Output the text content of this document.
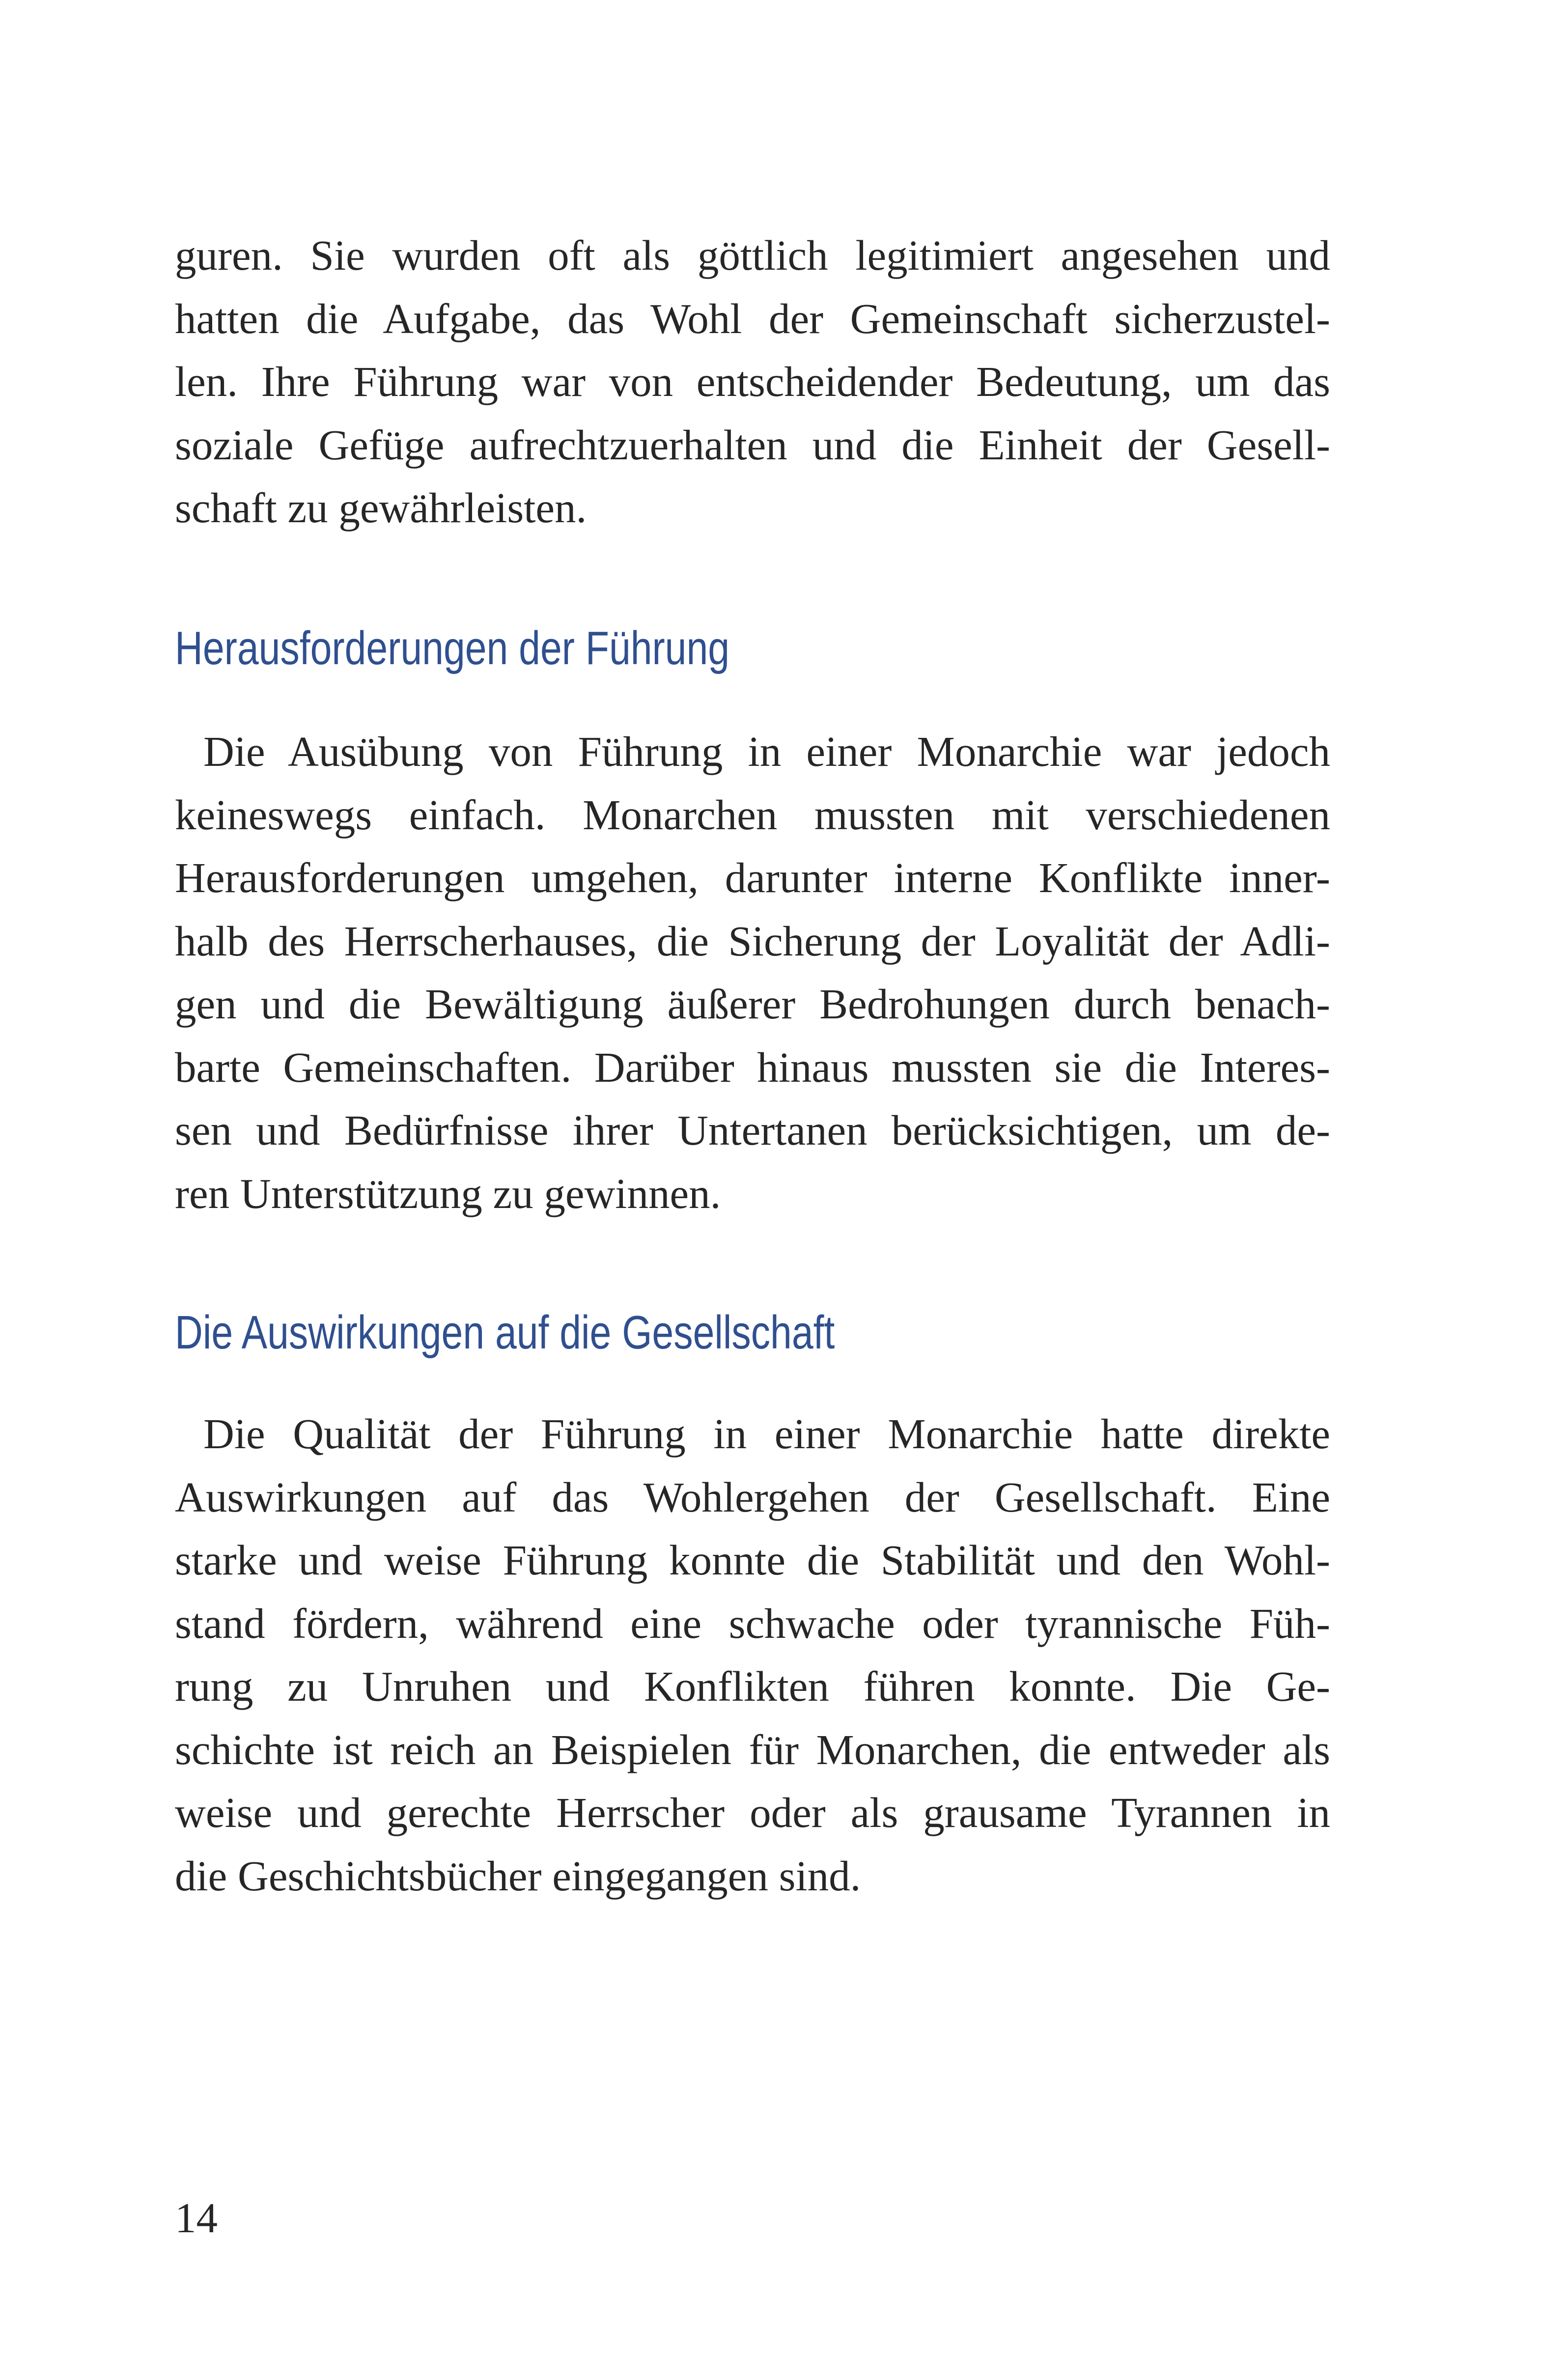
guren. Sie wurden oft als göttlich legitimiert angesehen und
hatten die Aufgabe, das Wohl der Gemeinschaft sicherzustel-
len. Ihre Führung war von entscheidender Bedeutung, um das
soziale Gefüge aufrechtzuerhalten und die Einheit der Gesell-
schaft zu gewährleisten.
Herausforderungen der Führung
Die Ausübung von Führung in einer Monarchie war jedoch
keineswegs einfach. Monarchen mussten mit verschiedenen
Herausforderungen umgehen, darunter interne Konflikte inner-
halb des Herrscherhauses, die Sicherung der Loyalität der Adli-
gen und die Bewältigung äußerer Bedrohungen durch benach-
barte Gemeinschaften. Darüber hinaus mussten sie die Interes-
sen und Bedürfnisse ihrer Untertanen berücksichtigen, um de-
ren Unterstützung zu gewinnen.
Die Auswirkungen auf die Gesellschaft
Die Qualität der Führung in einer Monarchie hatte direkte
Auswirkungen auf das Wohlergehen der Gesellschaft. Eine
starke und weise Führung konnte die Stabilität und den Wohl-
stand fördern, während eine schwache oder tyrannische Füh-
rung zu Unruhen und Konflikten führen konnte. Die Ge-
schichte ist reich an Beispielen für Monarchen, die entweder als
weise und gerechte Herrscher oder als grausame Tyrannen in
die Geschichtsbücher eingegangen sind.
14
